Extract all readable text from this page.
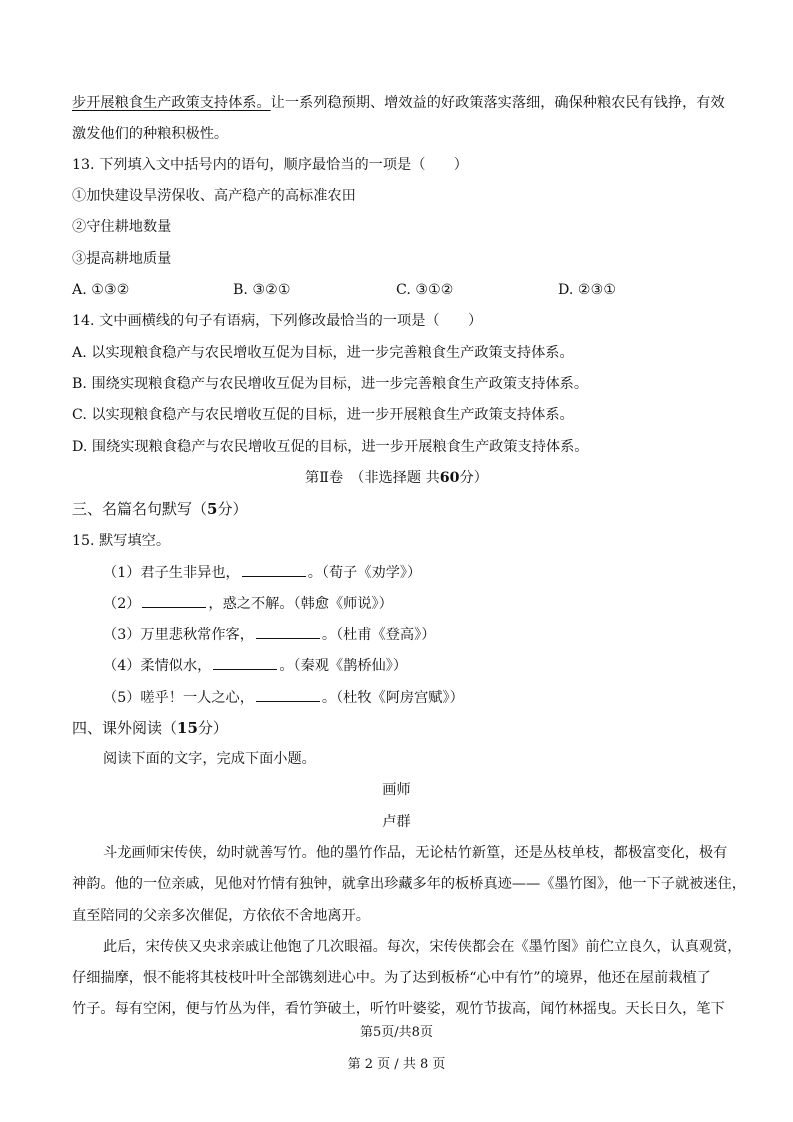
步开展粮食生产政策支持体系。让一系列稳预期、增效益的好政策落实落细，确保种粮农民有钱挣，有效
激发他们的种粮积极性。
13. 下列填入文中括号内的语句，顺序最恰当的一项是（　　）
①加快建设旱涝保收、高产稳产的高标准农田
②守住耕地数量
③提高耕地质量
A. ①③②	B. ③②①	C. ③①②	D. ②③①
14. 文中画横线的句子有语病，下列修改最恰当的一项是（　　）
A. 以实现粮食稳产与农民增收互促为目标，进一步完善粮食生产政策支持体系。
B. 围绕实现粮食稳产与农民增收互促为目标，进一步完善粮食生产政策支持体系。
C. 以实现粮食稳产与农民增收互促的目标，进一步开展粮食生产政策支持体系。
D. 围绕实现粮食稳产与农民增收互促的目标，进一步开展粮食生产政策支持体系。
第Ⅱ卷　（非选择题 共60分）
三、名篇名句默写（5分）
15. 默写填空。
（1）君子生非异也，	。（荀子《劝学》）
（2）	，惑之不解。（韩愈《师说》）
（3）万里悲秋常作客，	。（杜甫《登高》）
（4）柔情似水，	。（秦观《鹊桥仙》）
（5）嗟乎！一人之心，	。（杜牧《阿房宫赋》）
四、课外阅读（15分）
阅读下面的文字，完成下面小题。
画师
卢群
斗龙画师宋传侠，幼时就善写竹。他的墨竹作品，无论枯竹新篁，还是丛枝单枝，都极富变化，极有
神韵。他的一位亲戚，见他对竹情有独钟，就拿出珍藏多年的板桥真迹——《墨竹图》，他一下子就被迷住，
直至陪同的父亲多次催促，方依依不舍地离开。
此后，宋传侠又央求亲戚让他饱了几次眼福。每次，宋传侠都会在《墨竹图》前伫立良久，认真观赏，
仔细揣摩，恨不能将其枝枝叶叶全部镌刻进心中。为了达到板桥“心中有竹”的境界，他还在屋前栽植了
竹子。每有空闲，便与竹丛为伴，看竹笋破土，听竹叶婆娑，观竹节拔高，闻竹林摇曳。天长日久，笔下
第5页/共8页
第 2 页 / 共 8 页
